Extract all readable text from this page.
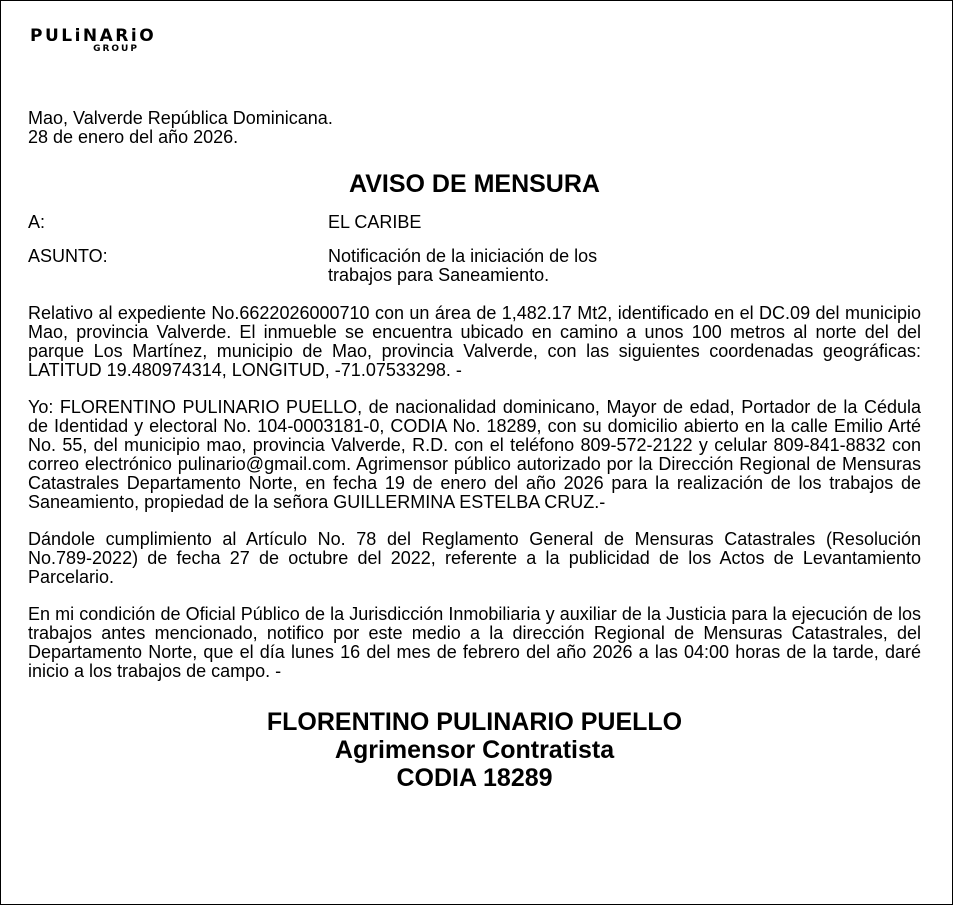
PULiNARiO
GROUP

Mao, Valverde República Dominicana.
28 de enero del año 2026.

AVISO DE MENSURA
A:	EL CARIBE
ASUNTO:	Notificación de la iniciación de los
trabajos para Saneamiento.

Relativo al expediente No.6622026000710 con un área de 1,482.17 Mt2, identificado en el DC.09 del municipio Mao, provincia Valverde. El inmueble se encuentra ubicado en camino a unos 100 metros al norte del del parque Los Martínez, municipio de Mao, provincia Valverde, con las siguientes coordenadas geográficas: LATITUD 19.480974314, LONGITUD, -71.07533298. -

Yo: FLORENTINO PULINARIO PUELLO, de nacionalidad dominicano, Mayor de edad, Portador de la Cédula de Identidad y electoral No. 104-0003181-0, CODIA No. 18289, con su domicilio abierto en la calle Emilio Arté No. 55, del municipio mao, provincia Valverde, R.D. con el teléfono 809-572-2122 y celular 809-841-8832 con correo electrónico pulinario@gmail.com. Agrimensor público autorizado por la Dirección Regional de Mensuras Catastrales Departamento Norte, en fecha 19 de enero del año 2026 para la realización de los trabajos de Saneamiento, propiedad de la señora GUILLERMINA ESTELBA CRUZ.-

Dándole cumplimiento al Artículo No. 78 del Reglamento General de Mensuras Catastrales (Resolución No.789-2022) de fecha 27 de octubre del 2022, referente a la publicidad de los Actos de Levantamiento Parcelario.

En mi condición de Oficial Público de la Jurisdicción Inmobiliaria y auxiliar de la Justicia para la ejecución de los trabajos antes mencionado, notifico por este medio a la dirección Regional de Mensuras Catastrales, del Departamento Norte, que el día lunes 16 del mes de febrero del año 2026 a las 04:00 horas de la tarde, daré inicio a los trabajos de campo. -

FLORENTINO PULINARIO PUELLO
Agrimensor Contratista
CODIA 18289
